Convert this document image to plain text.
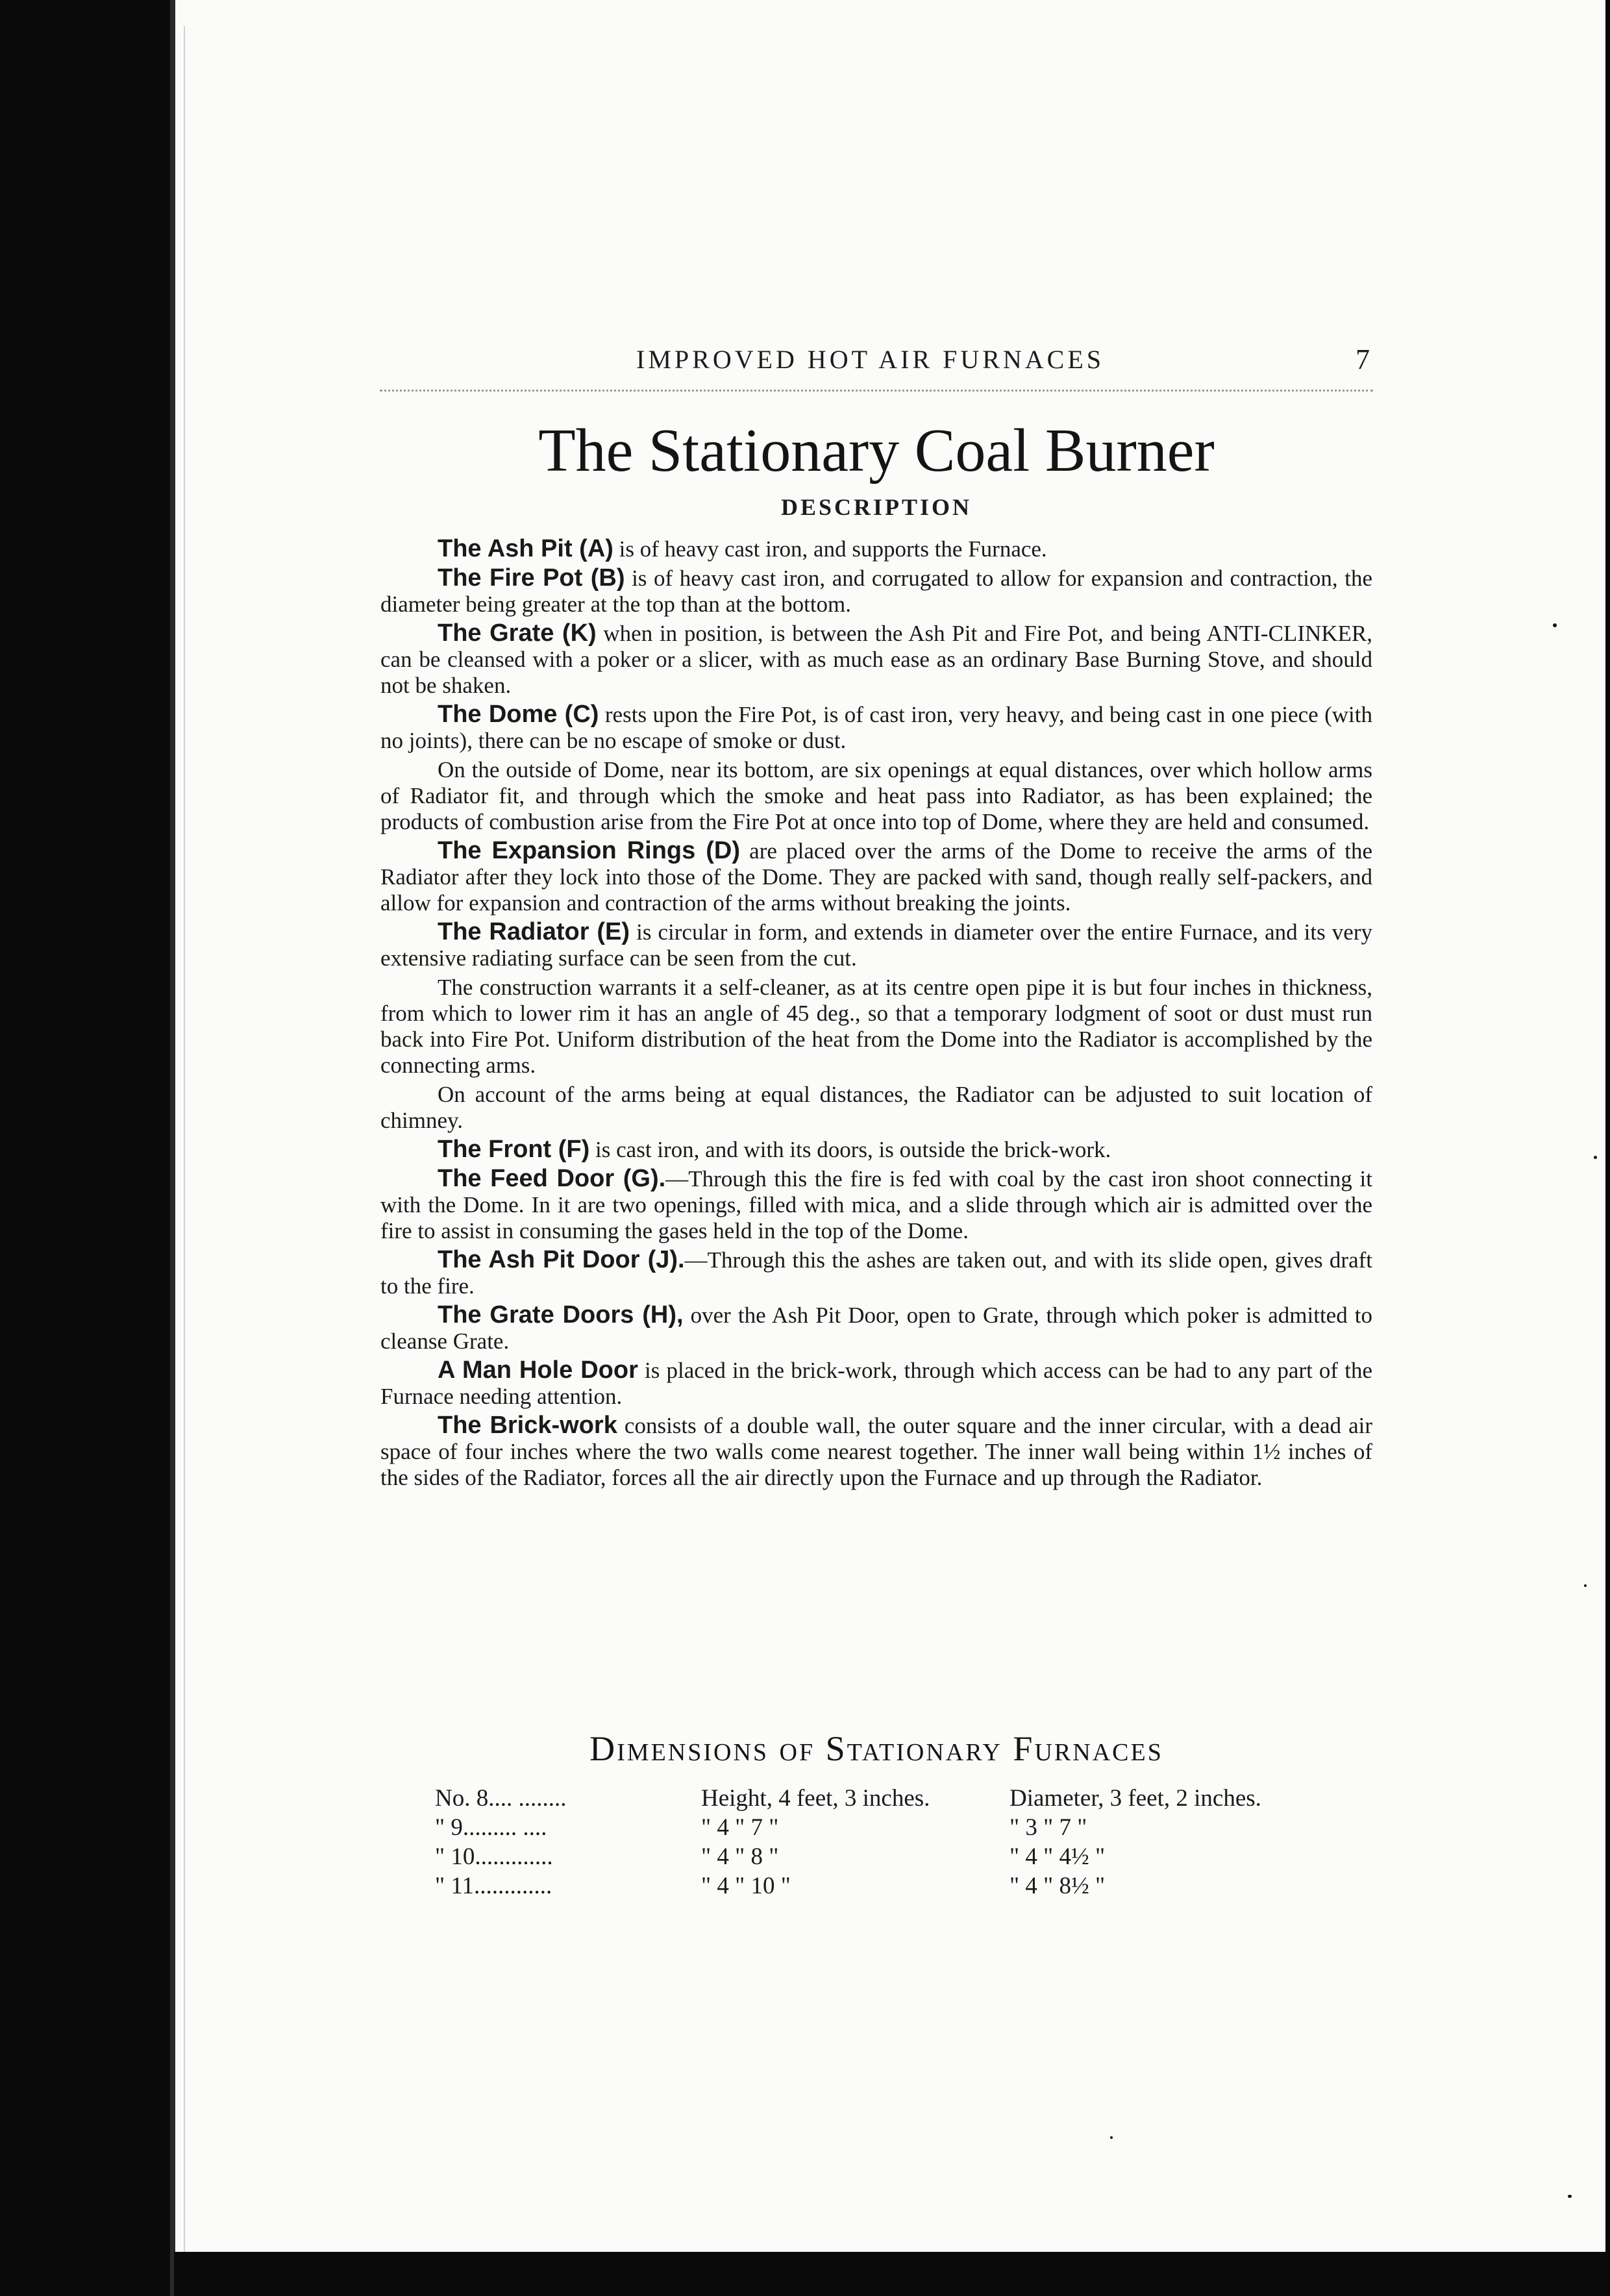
IMPROVED HOT AIR FURNACES	7
The Stationary Coal Burner
DESCRIPTION

The Ash Pit (A) is of heavy cast iron, and supports the Furnace.

The Fire Pot (B) is of heavy cast iron, and corrugated to allow for expansion and contraction, the diameter being greater at the top than at the bottom.

The Grate (K) when in position, is between the Ash Pit and Fire Pot, and being ANTI-CLINKER, can be cleansed with a poker or a slicer, with as much ease as an ordinary Base Burning Stove, and should not be shaken.

The Dome (C) rests upon the Fire Pot, is of cast iron, very heavy, and being cast in one piece (with no joints), there can be no escape of smoke or dust.

On the outside of Dome, near its bottom, are six openings at equal distances, over which hollow arms of Radiator fit, and through which the smoke and heat pass into Radiator, as has been explained; the products of combustion arise from the Fire Pot at once into top of Dome, where they are held and consumed.

The Expansion Rings (D) are placed over the arms of the Dome to receive the arms of the Radiator after they lock into those of the Dome. They are packed with sand, though really self-packers, and allow for expansion and contraction of the arms without breaking the joints.

The Radiator (E) is circular in form, and extends in diameter over the entire Furnace, and its very extensive radiating surface can be seen from the cut.

The construction warrants it a self-cleaner, as at its centre open pipe it is but four inches in thickness, from which to lower rim it has an angle of 45 deg., so that a temporary lodgment of soot or dust must run back into Fire Pot. Uniform distribution of the heat from the Dome into the Radiator is accomplished by the connecting arms.

On account of the arms being at equal distances, the Radiator can be adjusted to suit location of chimney.

The Front (F) is cast iron, and with its doors, is outside the brick-work.

The Feed Door (G).—Through this the fire is fed with coal by the cast iron shoot connecting it with the Dome. In it are two openings, filled with mica, and a slide through which air is admitted over the fire to assist in consuming the gases held in the top of the Dome.

The Ash Pit Door (J).—Through this the ashes are taken out, and with its slide open, gives draft to the fire.

The Grate Doors (H), over the Ash Pit Door, open to Grate, through which poker is admitted to cleanse Grate.

A Man Hole Door is placed in the brick-work, through which access can be had to any part of the Furnace needing attention.

The Brick-work consists of a double wall, the outer square and the inner circular, with a dead air space of four inches where the two walls come nearest together. The inner wall being within 1½ inches of the sides of the Radiator, forces all the air directly upon the Furnace and up through the Radiator.

Dimensions of Stationary Furnaces
No. 8.... ........	Height, 4 feet, 3 inches.	Diameter, 3 feet, 2 inches.
" 9......... ....	" 4 " 7 "	" 3 " 7 "
" 10.............	" 4 " 8 "	" 4 " 4½ "
" 11.............	" 4 " 10 "	" 4 " 8½ "
